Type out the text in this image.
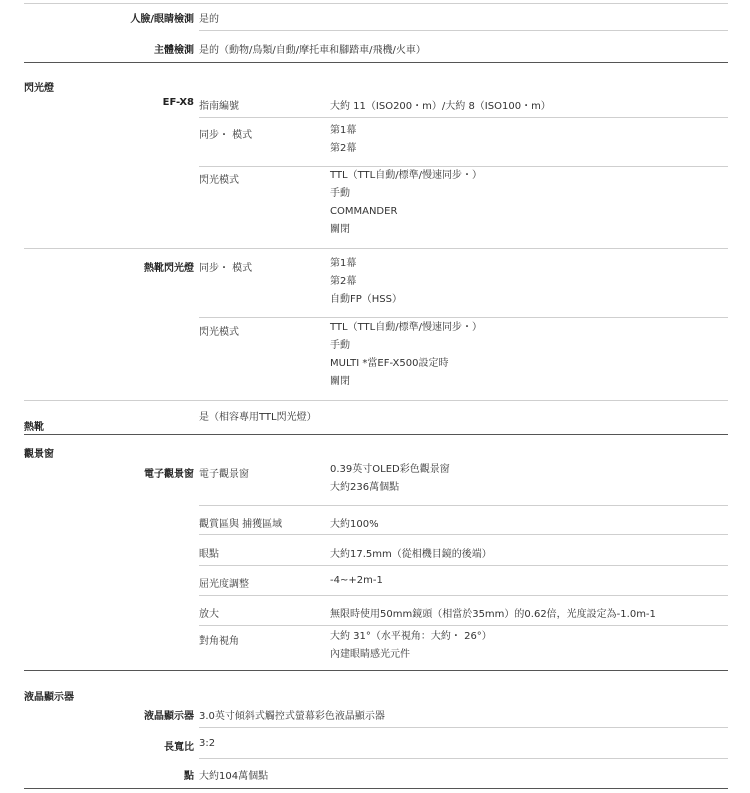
人臉/眼睛檢測 是的
主體檢測 是的（動物/鳥類/自動/摩托車和腳踏車/飛機/火車）
閃光燈
EF-X8 指南編號	大約 11（ISO200・m）/大約 8（ISO100・m）
同步・ 模式	第1幕
第2幕
閃光模式	TTL（TTL自動/標準/慢速同步・）
手動
COMMANDER
關閉
熱靴閃光燈 同步・ 模式	第1幕
第2幕
自動FP（HSS）
閃光模式	TTL（TTL自動/標準/慢速同步・）
手動
MULTI *當EF-X500設定時
關閉
熱靴
是（相容專用TTL閃光燈）
觀景窗
電子觀景窗 電子觀景窗	0.39英寸OLED彩色觀景窗
大約236萬個點
觀賞區與 捕獲區域	大約100%
眼點	大約17.5mm（從相機目鏡的後端）
屈光度調整	-4~+2m-1
放大	無限時使用50mm鏡頭（相當於35mm）的0.62倍，光度設定為-1.0m-1
對角視角	大約 31°（水平視角：大約・ 26°）
內建眼睛感光元件
液晶顯示器
液晶顯示器 3.0英寸傾斜式觸控式螢幕彩色液晶顯示器
長寬比 3:2
點 大約104萬個點
